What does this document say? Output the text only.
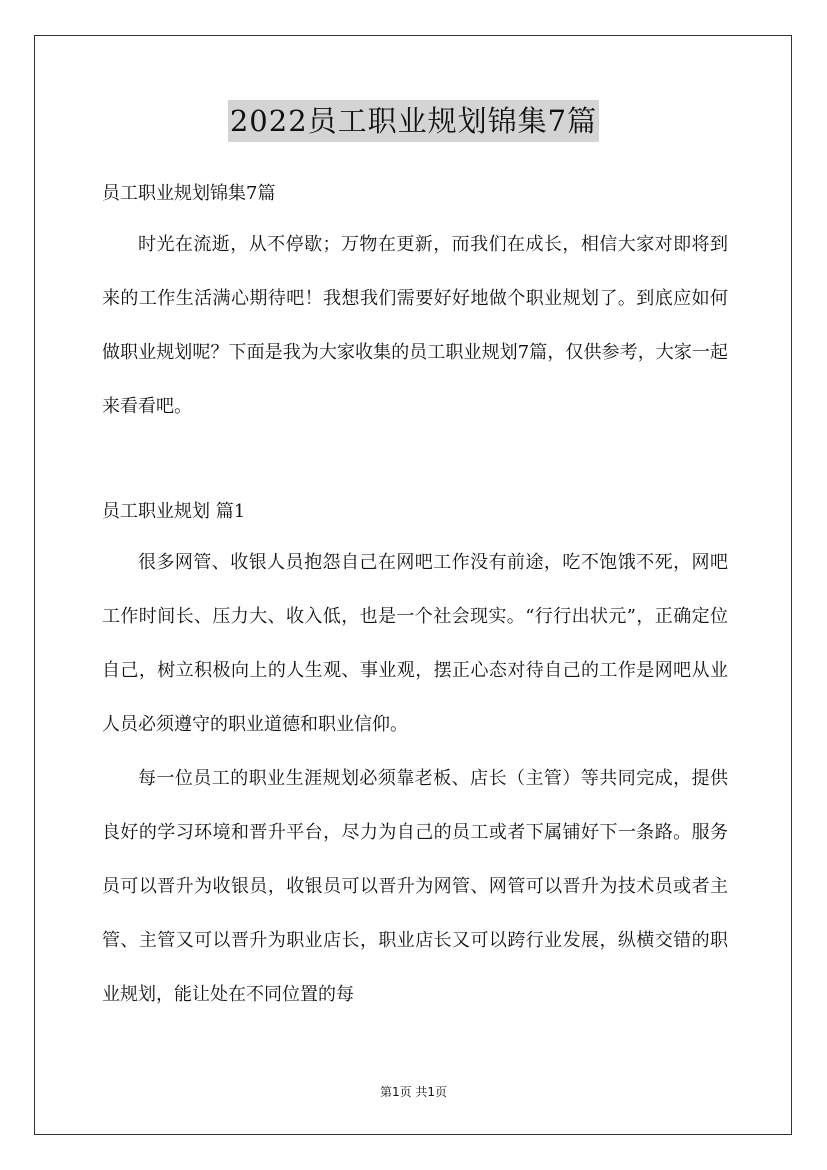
2022员工职业规划锦集7篇

员工职业规划锦集7篇

时光在流逝，从不停歇；万物在更新，而我们在成长，相信大家对即将到来的工作生活满心期待吧！我想我们需要好好地做个职业规划了。到底应如何做职业规划呢？下面是我为大家收集的员工职业规划7篇，仅供参考，大家一起来看看吧。

员工职业规划 篇1

很多网管、收银人员抱怨自己在网吧工作没有前途，吃不饱饿不死，网吧工作时间长、压力大、收入低，也是一个社会现实。“行行出状元”，正确定位自己，树立积极向上的人生观、事业观，摆正心态对待自己的工作是网吧从业人员必须遵守的职业道德和职业信仰。

每一位员工的职业生涯规划必须靠老板、店长（主管）等共同完成，提供良好的学习环境和晋升平台，尽力为自己的员工或者下属铺好下一条路。服务员可以晋升为收银员，收银员可以晋升为网管、网管可以晋升为技术员或者主管、主管又可以晋升为职业店长，职业店长又可以跨行业发展，纵横交错的职业规划，能让处在不同位置的每

第1页 共1页
